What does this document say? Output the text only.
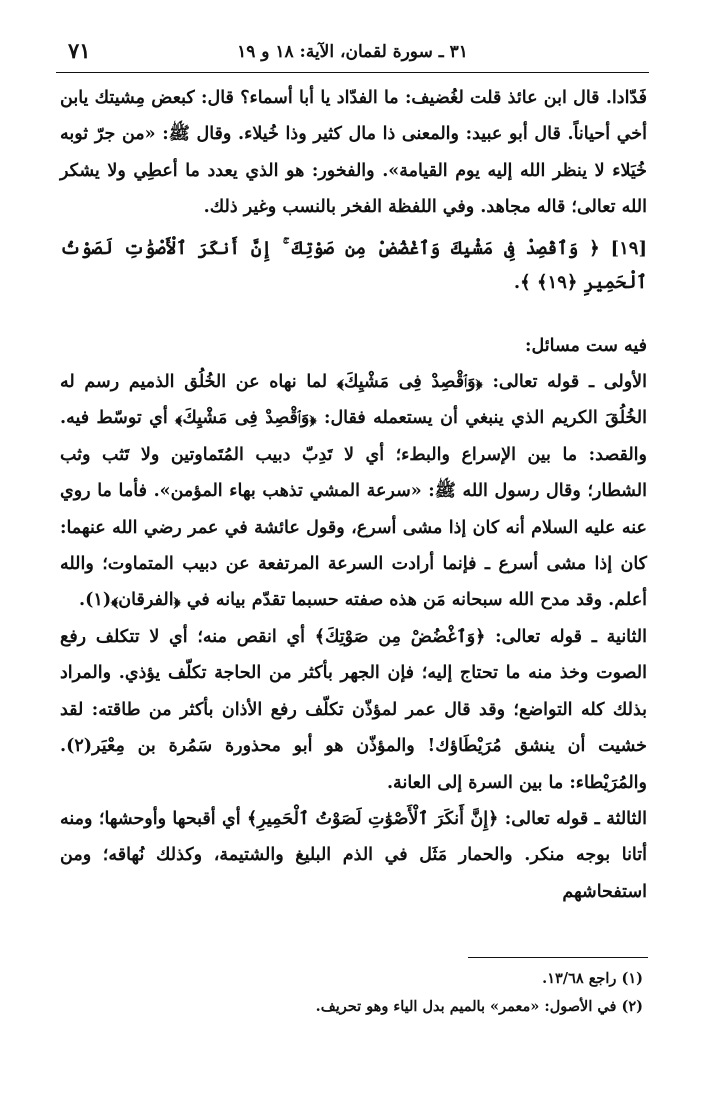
٧١	٣١ ـ سورة لقمان، الآية: ١٨ و ١٩

فَدّادا. قال ابن عائذ قلت لغُضيف: ما الفدّاد يا أبا أسماء؟ قال: كبعض مِشيتك يابن أخي أحياناً. قال أبو عبيد: والمعنى ذا مال كثير وذا خُيلاء. وقال ﷺ: «من جرّ ثوبه خُيَلاء لا ينظر الله إليه يوم القيامة». والفخور: هو الذي يعدد ما أعطِي ولا يشكر الله تعالى؛ قاله مجاهد. وفي اللفظة الفخر بالنسب وغير ذلك.

[١٩] ﴿ وَٱقْصِدْ فِى مَشْيِكَ وَٱغْضُضْ مِن صَوْتِكَ ۚ إِنَّ أَنكَرَ ٱلْأَصْوَٰتِ لَصَوْتُ ٱلْحَمِيرِ ﴿١٩﴾ ﴾.

فيه ست مسائل:

الأولى ـ قوله تعالى: ﴿وَٱقْصِدْ فِى مَشْيِكَ﴾ لما نهاه عن الخُلُق الذميم رسم له الخُلُقَ الكريم الذي ينبغي أن يستعمله فقال: ﴿وَٱقْصِدْ فِى مَشْيِكَ﴾ أي توسّط فيه. والقصد: ما بين الإسراع والبطء؛ أي لا تَدِبّ دبيب المُتَماوتين ولا تَثب وثب الشطار؛ وقال رسول الله ﷺ: «سرعة المشي تذهب بهاء المؤمن». فأما ما روي عنه عليه السلام أنه كان إذا مشى أسرع، وقول عائشة في عمر رضي الله عنهما: كان إذا مشى أسرع ـ فإنما أرادت السرعة المرتفعة عن دبيب المتماوت؛ والله أعلم. وقد مدح الله سبحانه مَن هذه صفته حسبما تقدّم بيانه في ﴿الفرقان﴾(١).

الثانية ـ قوله تعالى: ﴿وَٱغْضُضْ مِن صَوْتِكَ﴾ أي انقص منه؛ أي لا تتكلف رفع الصوت وخذ منه ما تحتاج إليه؛ فإن الجهر بأكثر من الحاجة تكلّف يؤذي. والمراد بذلك كله التواضع؛ وقد قال عمر لمؤذّن تكلّف رفع الأذان بأكثر من طاقته: لقد خشيت أن ينشق مُرَيْطَاؤك! والمؤذّن هو أبو محذورة سَمُرة بن مِعْيَر(٢). والمُرَيْطاء: ما بين السرة إلى العانة.

الثالثة ـ قوله تعالى: ﴿إِنَّ أَنكَرَ ٱلْأَصْوَٰتِ لَصَوْتُ ٱلْحَمِيرِ﴾ أي أقبحها وأوحشها؛ ومنه أتانا بوجه منكر. والحمار مَثَل في الذم البليغ والشتيمة، وكذلك نُهاقه؛ ومن استفحاشهم

(١) راجع ١٣/٦٨.

(٢) في الأصول: «معمر» بالميم بدل الياء وهو تحريف.
